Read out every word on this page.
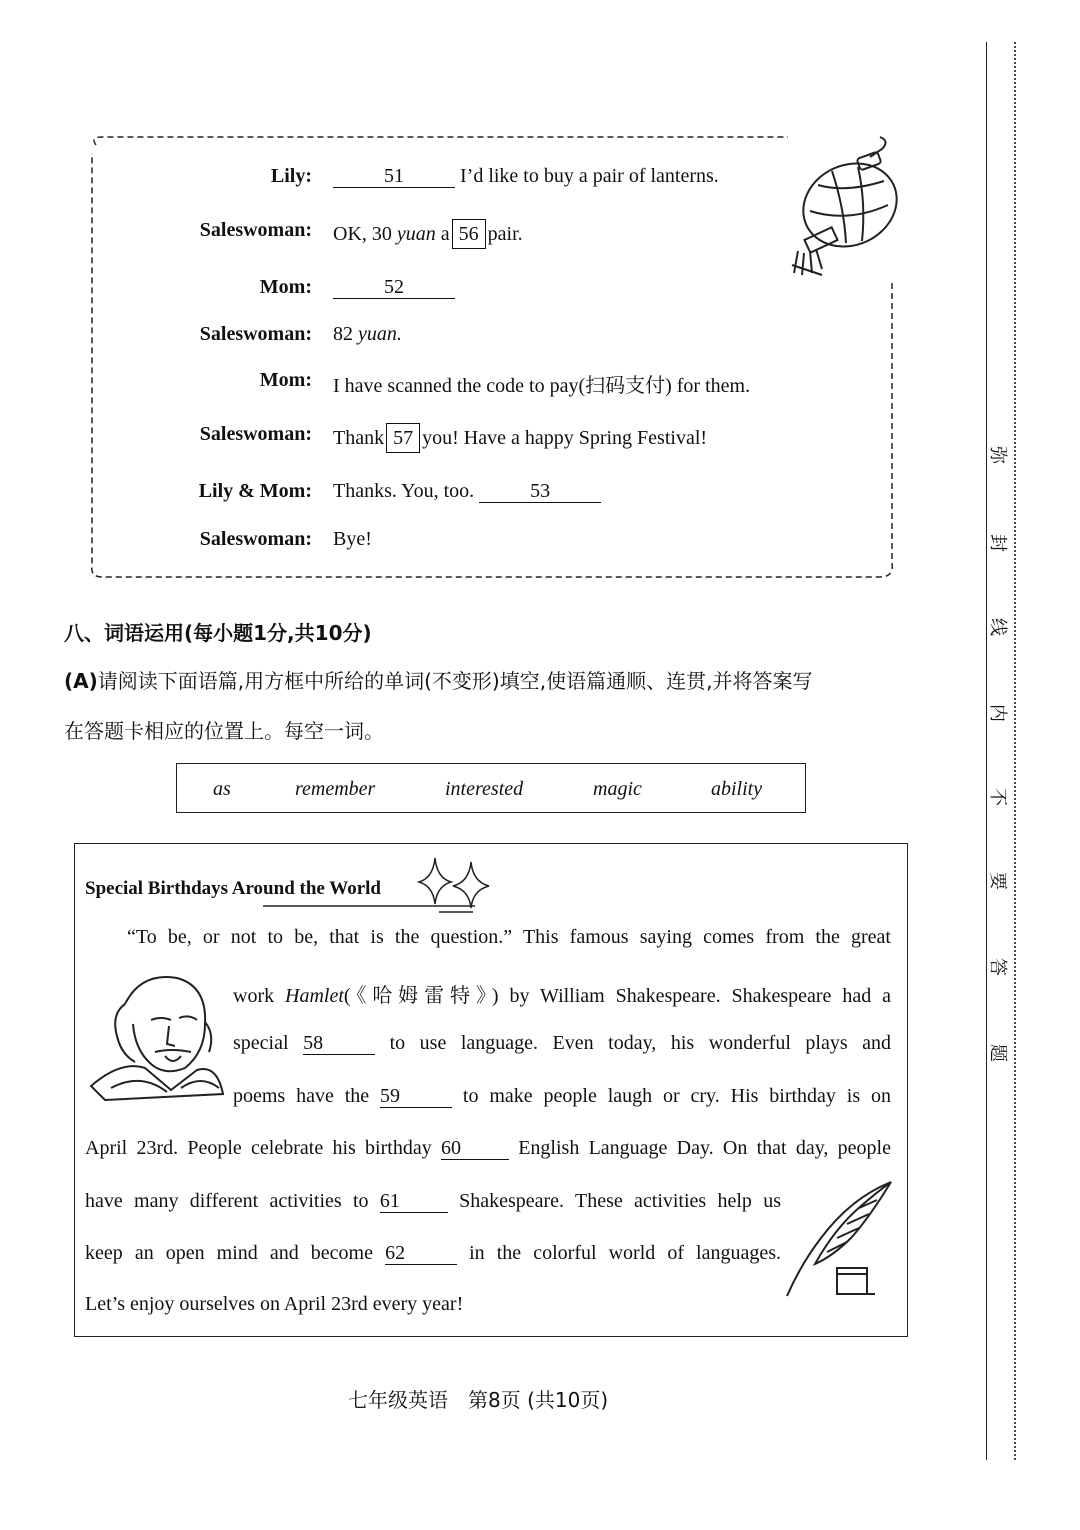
Lily:	51	I’d like to buy a pair of lanterns.
Saleswoman: OK, 30 yuan a 56 pair.
Mom:	52
Saleswoman: 82 yuan.
Mom: I have scanned the code to pay(扫码支付) for them.
Saleswoman: Thank 57 you! Have a happy Spring Festival!
Lily & Mom: Thanks. You, too.	53
Saleswoman: Bye!
八、词语运用(每小题1分,共10分)
(A)请阅读下面语篇,用方框中所给的单词(不变形)填空,使语篇通顺、连贯,并将答案写
在答题卡相应的位置上。每空一词。
as	remember	interested	magic	ability
Special Birthdays Around the World
“To be, or not to be, that is the question.” This famous saying comes from the great
work Hamlet(《哈姆雷特》) by William Shakespeare. Shakespeare had a
special 58	to use language. Even today, his wonderful plays and
poems have the 59	to make people laugh or cry. His birthday is on
April 23rd. People celebrate his birthday 60	English Language Day. On that day, people
have many different activities to 61	Shakespeare. These activities help us
keep an open mind and become 62	in the colorful world of languages.
Let’s enjoy ourselves on April 23rd every year!
七年级英语　第8页 (共10页)
弥
封
线
内
不
要
答
题
